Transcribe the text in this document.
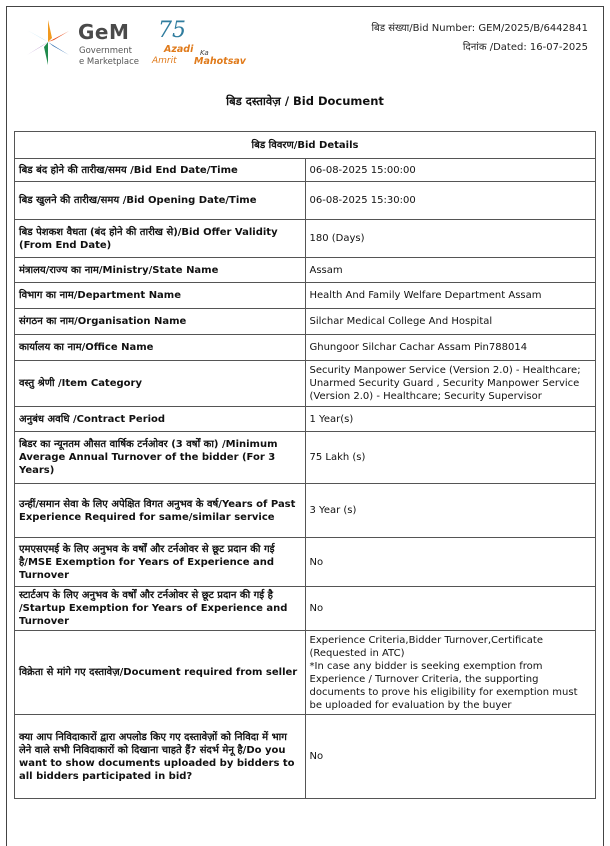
GeM
Government
e Marketplace
75
Azadi Ka
Amrit Mahotsav
बिड संख्या/Bid Number: GEM/2025/B/6442841
दिनांक /Dated: 16-07-2025
बिड दस्तावेज़ / Bid Document
बिड विवरण/Bid Details	
बिड बंद होने की तारीख/समय /Bid End Date/Time	06-08-2025 15:00:00
बिड खुलने की तारीख/समय /Bid Opening Date/Time	06-08-2025 15:30:00
बिड पेशकश वैधता (बंद होने की तारीख से)/Bid Offer Validity (From End Date)	180 (Days)
मंत्रालय/राज्य का नाम/Ministry/State Name	Assam
विभाग का नाम/Department Name	Health And Family Welfare Department Assam
संगठन का नाम/Organisation Name	Silchar Medical College And Hospital
कार्यालय का नाम/Office Name	Ghungoor Silchar Cachar Assam Pin788014
वस्तु श्रेणी /Item Category	Security Manpower Service (Version 2.0) - Healthcare; Unarmed Security Guard , Security Manpower Service (Version 2.0) - Healthcare; Security Supervisor
अनुबंध अवधि /Contract Period	1 Year(s)
बिडर का न्यूनतम औसत वार्षिक टर्नओवर (3 वर्षों का) /Minimum Average Annual Turnover of the bidder (For 3 Years)	75 Lakh (s)
उन्हीं/समान सेवा के लिए अपेक्षित विगत अनुभव के वर्ष/Years of Past Experience Required for same/similar service	3 Year (s)
एमएसएमई के लिए अनुभव के वर्षों और टर्नओवर से छूट प्रदान की गई है/MSE Exemption for Years of Experience and Turnover	No
स्टार्टअप के लिए अनुभव के वर्षों और टर्नओवर से छूट प्रदान की गई है /Startup Exemption for Years of Experience and Turnover	No
विक्रेता से मांगे गए दस्तावेज़/Document required from seller	Experience Criteria,Bidder Turnover,Certificate (Requested in ATC)
*In case any bidder is seeking exemption from Experience / Turnover Criteria, the supporting documents to prove his eligibility for exemption must be uploaded for evaluation by the buyer

क्या आप निविदाकारों द्वारा अपलोड किए गए दस्तावेज़ों को निविदा में भाग लेने वाले सभी निविदाकारों को दिखाना चाहते हैं? संदर्भ मेनू है/Do you want to show documents uploaded by bidders to all bidders participated in bid?	No
